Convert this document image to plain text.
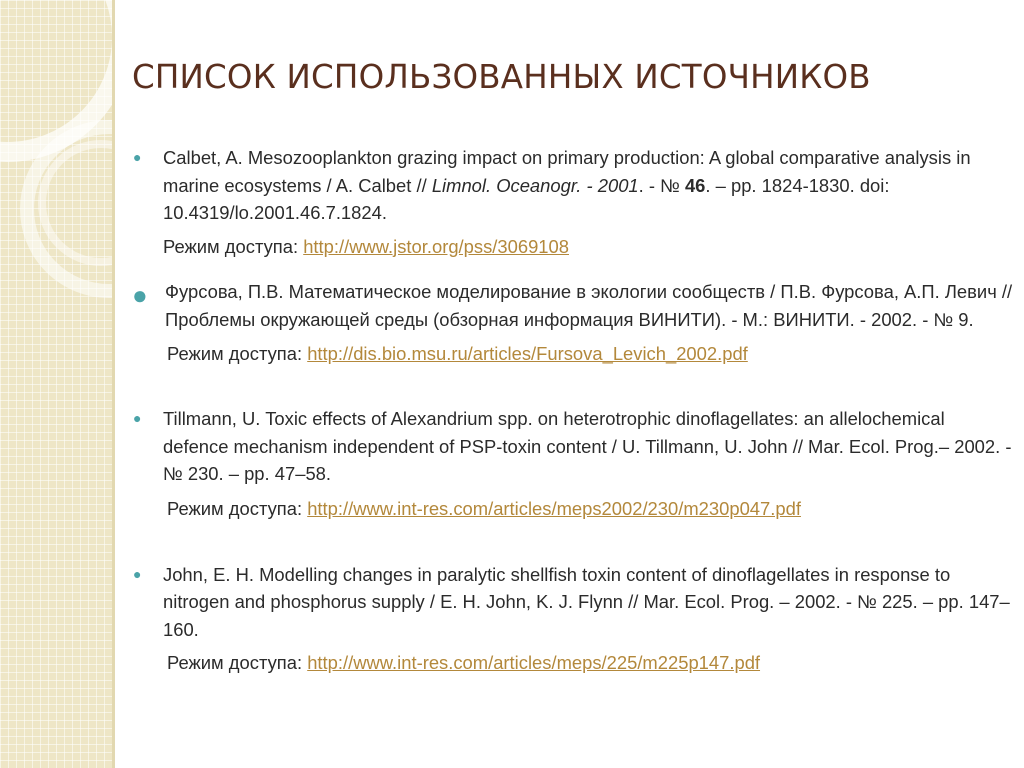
СПИСОК ИСПОЛЬЗОВАННЫХ ИСТОЧНИКОВ
● Calbet, A. Mesozooplankton grazing impact on primary production: A global comparative analysis in marine ecosystems / A. Calbet // Limnol. Oceanogr. - 2001. - № 46. – pp. 1824-1830. doi: 10.4319/lo.2001.46.7.1824.
Режим доступа: http://www.jstor.org/pss/3069108
● Фурсова, П.В. Математическое моделирование в экологии сообществ / П.В. Фурсова, А.П. Левич // Проблемы окружающей среды (обзорная информация ВИНИТИ). - М.: ВИНИТИ. - 2002. - № 9.
Режим доступа: http://dis.bio.msu.ru/articles/Fursova_Levich_2002.pdf
● Tillmann, U. Toxic effects of Alexandrium spp. on heterotrophic dinoflagellates: an allelochemical defence mechanism independent of PSP-toxin content / U. Tillmann, U. John // Mar. Ecol. Prog.– 2002. - № 230. – pp. 47–58.
Режим доступа: http://www.int-res.com/articles/meps2002/230/m230p047.pdf
● John, E. H. Modelling changes in paralytic shellfish toxin content of dinoflagellates in response to nitrogen and phosphorus supply / E. H. John, K. J. Flynn // Mar. Ecol. Prog. – 2002. - № 225. – pp. 147–160.
Режим доступа: http://www.int-res.com/articles/meps/225/m225p147.pdf
